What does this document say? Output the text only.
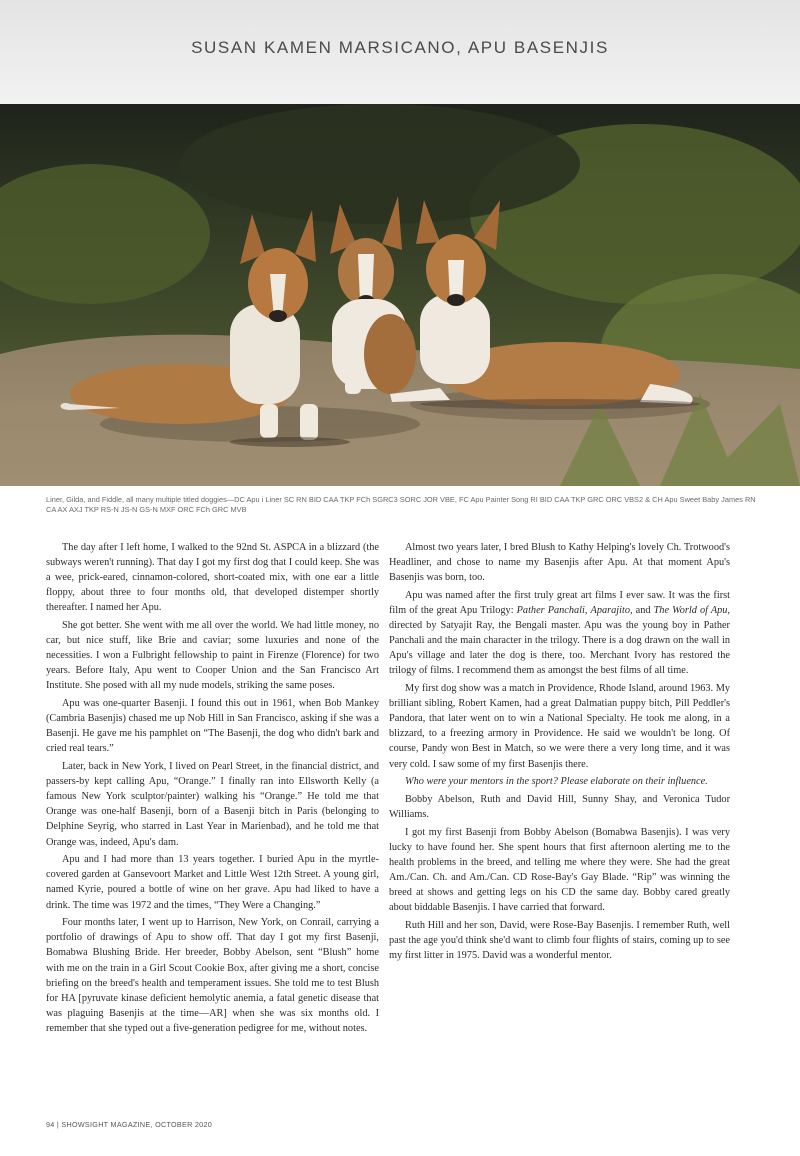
SUSAN KAMEN MARSICANO, APU BASENJIS
Liner, Gilda, and Fiddle, all many multiple titled doggies—DC Apu i Liner SC RN BID CAA TKP FCh SGRC3 SORC JOR VBE, FC Apu Painter Song RI BID CAA TKP GRC ORC VBS2 & CH Apu Sweet Baby James RN CA AX AXJ TKP RS-N JS-N GS-N MXF ORC FCh GRC MVB

The day after I left home, I walked to the 92nd St. ASPCA in a blizzard (the subways weren't running). That day I got my first dog that I could keep. She was a wee, prick-eared, cinnamon-colored, short-coated mix, with one ear a little floppy, about three to four months old, that developed distemper shortly thereafter. I named her Apu.

She got better. She went with me all over the world. We had little money, no car, but nice stuff, like Brie and caviar; some luxuries and none of the necessities. I won a Fulbright fellowship to paint in Firenze (Florence) for two years. Before Italy, Apu went to Cooper Union and the San Francisco Art Institute. She posed with all my nude models, striking the same poses.

Apu was one-quarter Basenji. I found this out in 1961, when Bob Mankey (Cambria Basenjis) chased me up Nob Hill in San Francisco, asking if she was a Basenji. He gave me his pamphlet on “The Basenji, the dog who didn't bark and cried real tears.”

Later, back in New York, I lived on Pearl Street, in the financial district, and passers-by kept calling Apu, “Orange.” I finally ran into Ellsworth Kelly (a famous New York sculptor/painter) walking his “Orange.” He told me that Orange was one-half Basenji, born of a Basenji bitch in Paris (belonging to Delphine Seyrig, who starred in Last Year in Marienbad), and he told me that Orange was, indeed, Apu's dam.

Apu and I had more than 13 years together. I buried Apu in the myrtle-covered garden at Gansevoort Market and Little West 12th Street. A young girl, named Kyrie, poured a bottle of wine on her grave. Apu had liked to have a drink. The time was 1972 and the times, “They Were a Changing.”

Four months later, I went up to Harrison, New York, on Conrail, carrying a portfolio of drawings of Apu to show off. That day I got my first Basenji, Bomabwa Blushing Bride. Her breeder, Bobby Abelson, sent “Blush” home with me on the train in a Girl Scout Cookie Box, after giving me a short, concise briefing on the breed's health and temperament issues. She told me to test Blush for HA [pyruvate kinase deficient hemolytic anemia, a fatal genetic disease that was plaguing Basenjis at the time—AR] when she was six months old. I remember that she typed out a five-generation pedigree for me, without notes.

Almost two years later, I bred Blush to Kathy Helping's lovely Ch. Trotwood's Headliner, and chose to name my Basenjis after Apu. At that moment Apu's Basenjis was born, too.

Apu was named after the first truly great art films I ever saw. It was the first film of the great Apu Trilogy: Pather Panchali, Aparajito, and The World of Apu, directed by Satyajit Ray, the Bengali master. Apu was the young boy in Pather Panchali and the main character in the trilogy. There is a dog drawn on the wall in Apu's village and later the dog is there, too. Merchant Ivory has restored the trilogy of films. I recommend them as amongst the best films of all time.

My first dog show was a match in Providence, Rhode Island, around 1963. My brilliant sibling, Robert Kamen, had a great Dalmatian puppy bitch, Pill Peddler's Pandora, that later went on to win a National Specialty. He took me along, in a blizzard, to a freezing armory in Providence. He said we wouldn't be long. Of course, Pandy won Best in Match, so we were there a very long time, and it was very cold. I saw some of my first Basenjis there.

Who were your mentors in the sport? Please elaborate on their influence.

Bobby Abelson, Ruth and David Hill, Sunny Shay, and Veronica Tudor Williams.

I got my first Basenji from Bobby Abelson (Bomabwa Basenjis). I was very lucky to have found her. She spent hours that first afternoon alerting me to the health problems in the breed, and telling me where they were. She had the great Am./Can. Ch. and Am./Can. CD Rose-Bay's Gay Blade. “Rip” was winning the breed at shows and getting legs on his CD the same day. Bobby cared greatly about biddable Basenjis. I have carried that forward.

Ruth Hill and her son, David, were Rose-Bay Basenjis. I remember Ruth, well past the age you'd think she'd want to climb four flights of stairs, coming up to see my first litter in 1975. David was a wonderful mentor.

94 | SHOWSIGHT MAGAZINE, OCTOBER 2020
